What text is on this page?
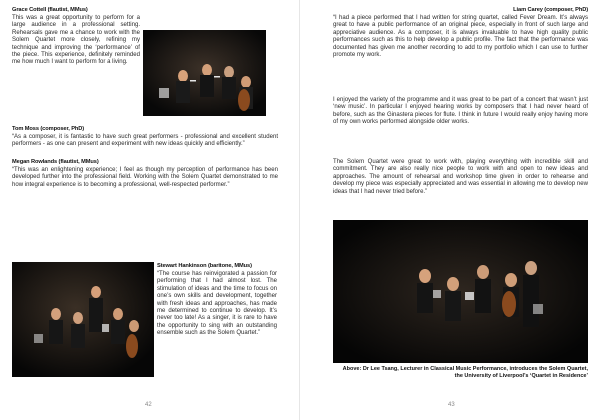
Grace Cottell (flautist, MMus)

This was a great opportunity to perform for a large audience in a professional setting. Rehearsals gave me a chance to work with the Solem Quartet more closely, refining my technique and improving the ‘performance’ of the piece. This experience, definitely reminded me how much I want to perform for a living.

Tom Moss (composer, PhD)

“As a composer, it is fantastic to have such great performers - professional and excellent student performers - as one can present and experiment with new ideas quickly and efficiently.”

Megan Rowlands (flautist, MMus)

“This was an enlightening experience; I feel as though my perception of performance has been developed further into the professional field. Working with the Solem Quartet demonstrated to me how integral experience is to becoming a professional, well-respected performer.”

Stewart Hankinson (baritone, MMus)

“The course has reinvigorated a passion for performing that I had almost lost. The stimulation of ideas and the time to focus on one’s own skills and development, together with fresh ideas and approaches, has made me determined to continue to develop. It’s never too late! As a singer, it is rare to have the opportunity to sing with an outstanding ensemble such as the Solem Quartet.”

42
Liam Carey (composer, PhD)

“I had a piece performed that I had written for string quartet, called Fever Dream. It’s always great to have a public performance of an original piece, especially in front of such large and appreciative audience. As a composer, it is always invaluable to have high quality public performances such as this to help develop a public profile. The fact that the performance was documented has given me another recording to add to my portfolio which I can use to further promote my work.

I enjoyed the variety of the programme and it was great to be part of a concert that wasn’t just ‘new music’. In particular I enjoyed hearing works by composers that I had never heard of before, such as the Ginastera pieces for flute. I think in future I would really enjoy having more of my own works performed alongside older works.

The Solem Quartet were great to work with, playing everything with incredible skill and commitment. They are also really nice people to work with and open to new ideas and approaches. The amount of rehearsal and workshop time given in order to rehearse and develop my piece was especially appreciated and was essential in allowing me to develop new ideas that I had never tried before.”

Above: Dr Lee Tsang, Lecturer in Classical Music Performance, introduces the Solem Quartet,
the University of Liverpool’s ‘Quartet in Residence’
43
